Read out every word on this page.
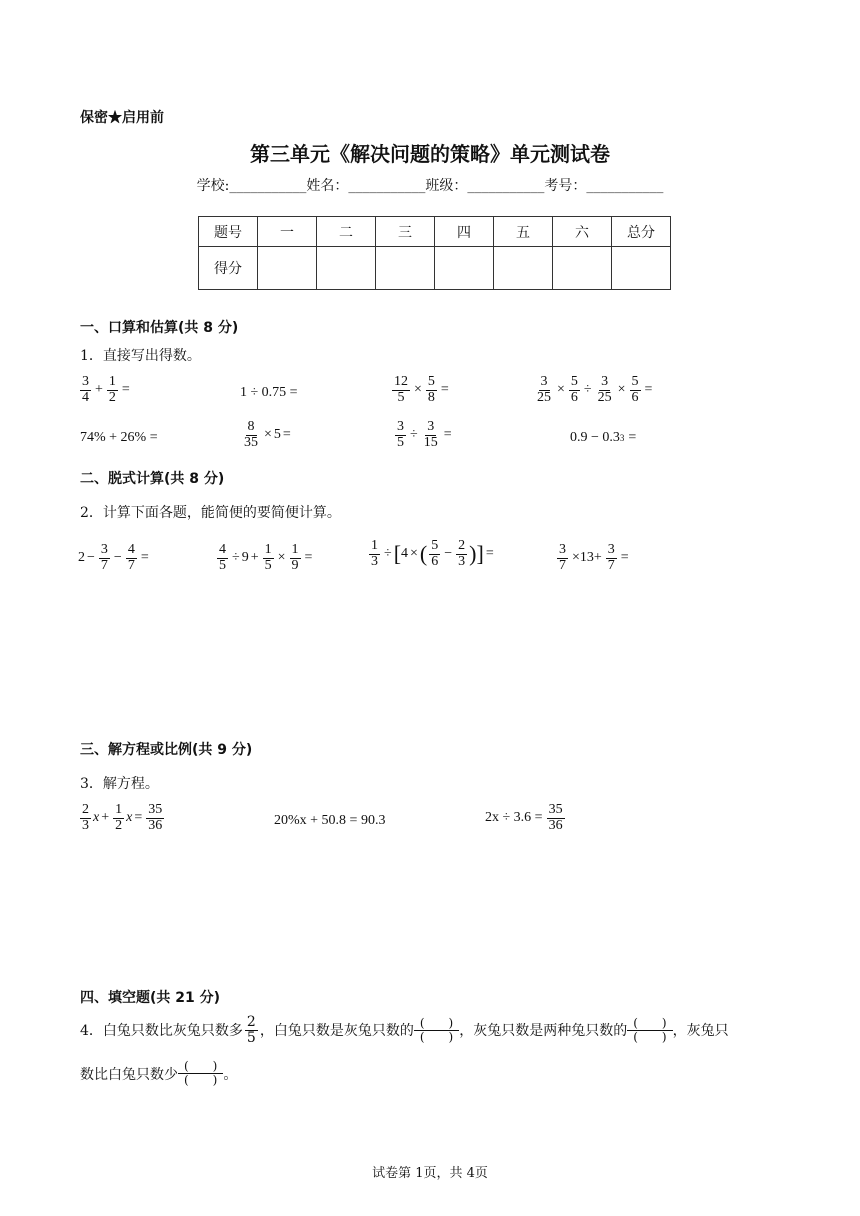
保密★启用前
第三单元《解决问题的策略》单元测试卷
学校:___________姓名：___________班级：___________考号：___________
题号	一	二	三	四	五	六	总分
得分							
一、口算和估算(共 8 分)
1．直接写出得数。
$\frac{3}{4} + \frac{1}{2}$ =	1 ÷ 0.75 =	$\frac{12}{5} \times \frac{5}{8}$ =	$\frac{3}{25} \times \frac{5}{6} \div \frac{3}{25} \times \frac{5}{6}$ =
74% + 26% =	$\frac{8}{35} \times 5$ =	$\frac{3}{5} \div \frac{3}{15}$ =	0.9 − 0.3 3 =
二、脱式计算(共 8 分)
2．计算下面各题，能简便的要简便计算。
$2 - \frac{3}{7} - \frac{4}{7}$ =	$\frac{4}{5} \div 9 + \frac{1}{5} \times \frac{1}{9}$ =	$\frac{1}{3}$ ÷ [ 4 × ( $\frac{5}{6} - \frac{2}{3}$ ) ] =	$\frac{3}{7} \times 13+ \frac{3}{7}$ =
三、解方程或比例(共 9 分)
3．解方程。
$\frac{2}{3}$ $x + \frac{1}{2}$ $x = \frac{35}{36}$	20%x + 50.8 = 90.3	$2x \div 3.6 = \frac{35}{36}$
四、填空题(共 21 分)
4．白兔只数比灰兔只数多 $\frac{2}{5}$ ，白兔只数是灰兔只数的
(　　)
(　　) ，灰兔只数是两种兔只数的
(　　)
(　　) ，灰兔只
数比白兔只数少
(　　)
(　　) 。
试卷第 1页，共 4页
